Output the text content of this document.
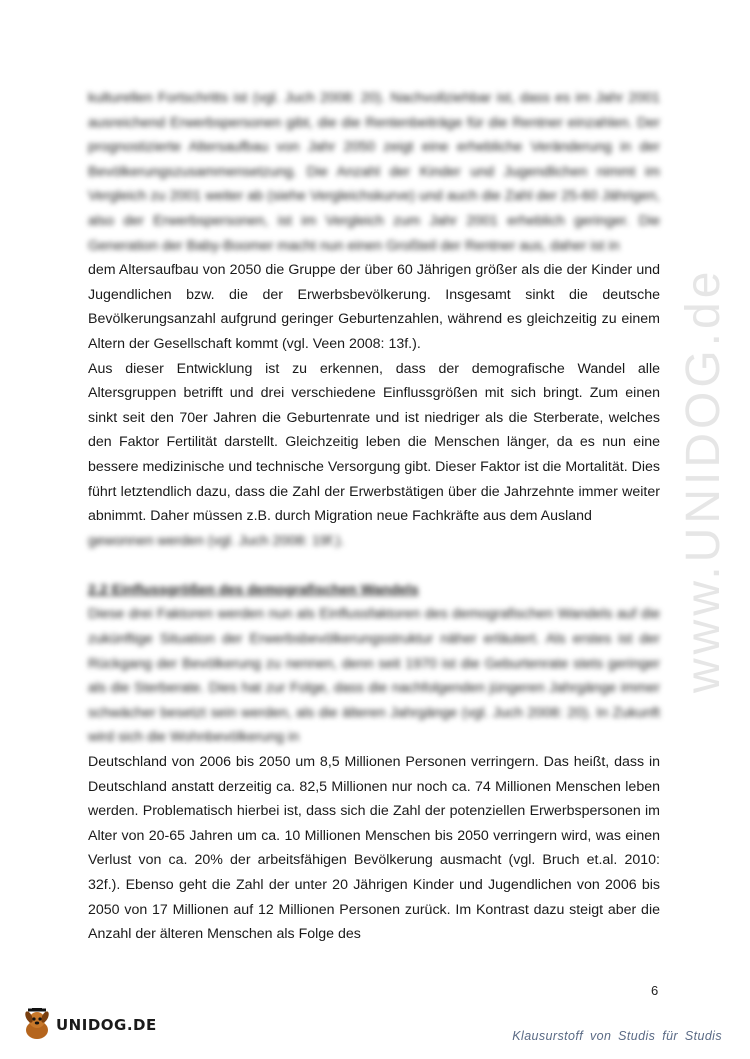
www.UNIDOG.de

kulturellen Fortschritts ist (vgl. Juch 2008: 20). Nachvollziehbar ist, dass es im Jahr 2001 ausreichend Erwerbspersonen gibt, die die Rentenbeiträge für die Rentner einzahlen. Der prognostizierte Altersaufbau von Jahr 2050 zeigt eine erhebliche Veränderung in der Bevölkerungszusammensetzung. Die Anzahl der Kinder und Jugendlichen nimmt im Vergleich zu 2001 weiter ab (siehe Vergleichskurve) und auch die Zahl der 25-60 Jährigen, also der Erwerbspersonen, ist im Vergleich zum Jahr 2001 erheblich geringer. Die Generation der Baby-Boomer macht nun einen Großteil der Rentner aus, daher ist in

dem Altersaufbau von 2050 die Gruppe der über 60 Jährigen größer als die der Kinder und Jugendlichen bzw. die der Erwerbsbevölkerung. Insgesamt sinkt die deutsche Bevölkerungsanzahl aufgrund geringer Geburtenzahlen, während es gleichzeitig zu einem Altern der Gesellschaft kommt (vgl. Veen 2008: 13f.).

Aus dieser Entwicklung ist zu erkennen, dass der demografische Wandel alle Altersgruppen betrifft und drei verschiedene Einflussgrößen mit sich bringt. Zum einen sinkt seit den 70er Jahren die Geburtenrate und ist niedriger als die Sterberate, welches den Faktor Fertilität darstellt. Gleichzeitig leben die Menschen länger, da es nun eine bessere medizinische und technische Versorgung gibt. Dieser Faktor ist die Mortalität. Dies führt letztendlich dazu, dass die Zahl der Erwerbstätigen über die Jahrzehnte immer weiter abnimmt. Daher müssen z.B. durch Migration neue Fachkräfte aus dem Ausland

gewonnen werden (vgl. Juch 2008: 19f.).

2.2 Einflussgrößen des demografischen Wandels

Diese drei Faktoren werden nun als Einflussfaktoren des demografischen Wandels auf die zukünftige Situation der Erwerbsbevölkerungsstruktur näher erläutert. Als erstes ist der Rückgang der Bevölkerung zu nennen, denn seit 1970 ist die Geburtenrate stets geringer als die Sterberate. Dies hat zur Folge, dass die nachfolgenden jüngeren Jahrgänge immer schwächer besetzt sein werden, als die älteren Jahrgänge (vgl. Juch 2008: 20). In Zukunft wird sich die Wohnbevölkerung in

Deutschland von 2006 bis 2050 um 8,5 Millionen Personen verringern. Das heißt, dass in Deutschland anstatt derzeitig ca. 82,5 Millionen nur noch ca. 74 Millionen Menschen leben werden. Problematisch hierbei ist, dass sich die Zahl der potenziellen Erwerbspersonen im Alter von 20-65 Jahren um ca. 10 Millionen Menschen bis 2050 verringern wird, was einen Verlust von ca. 20% der arbeitsfähigen Bevölkerung ausmacht (vgl. Bruch et.al. 2010: 32f.). Ebenso geht die Zahl der unter 20 Jährigen Kinder und Jugendlichen von 2006 bis 2050 von 17 Millionen auf 12 Millionen Personen zurück. Im Kontrast dazu steigt aber die Anzahl der älteren Menschen als Folge des

6
UNIDOG.DE
Klausurstoff von Studis für Studis
